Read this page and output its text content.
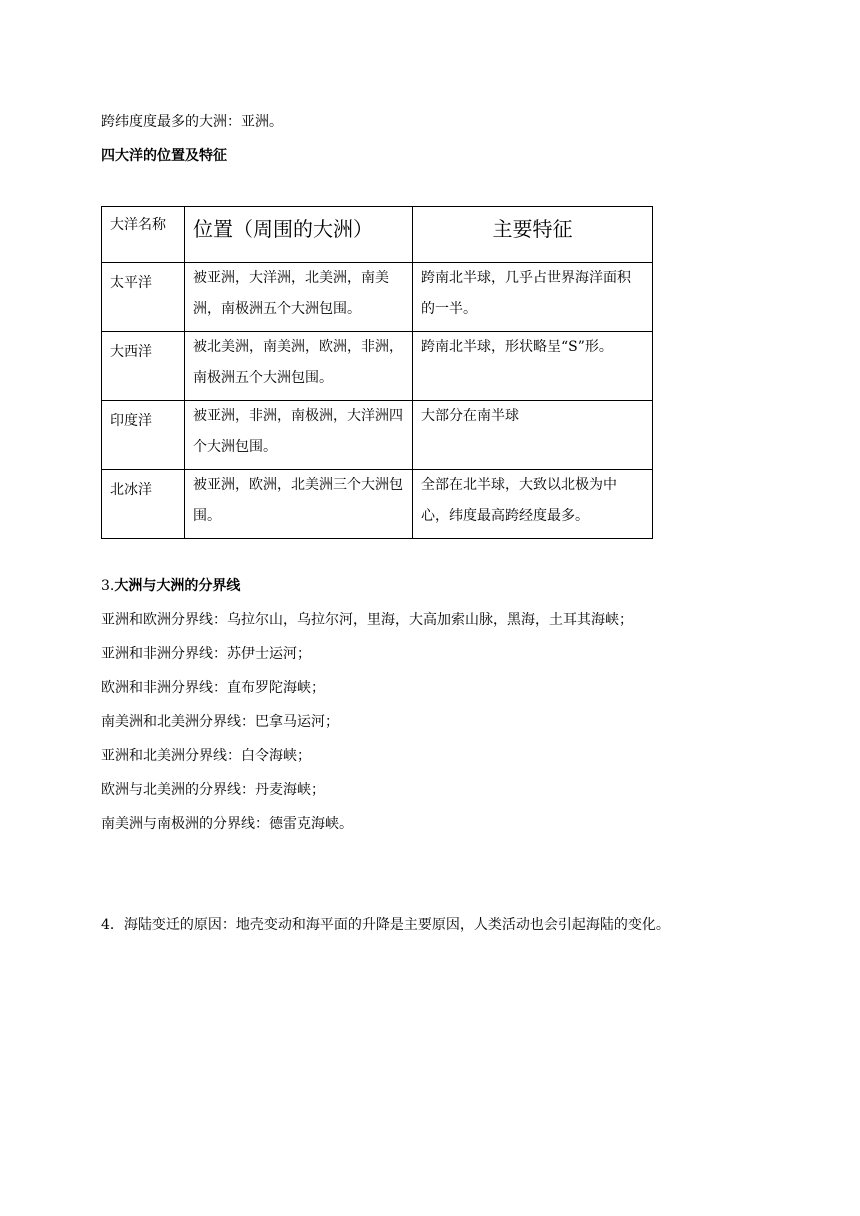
跨纬度度最多的大洲：亚洲。
四大洋的位置及特征
大洋名称	位置（周围的大洲）	主要特征
太平洋	被亚洲，大洋洲，北美洲，南美洲，南极洲五个大洲包围。	跨南北半球，几乎占世界海洋面积的一半。

大西洋	被北美洲，南美洲，欧洲，非洲，南极洲五个大洲包围。	跨南北半球，形状略呈“S”形。

印度洋	被亚洲，非洲，南极洲，大洋洲四个大洲包围。	大部分在南半球

北冰洋	被亚洲，欧洲，北美洲三个大洲包围。	全部在北半球，大致以北极为中心，纬度最高跨经度最多。
3.大洲与大洲的分界线
亚洲和欧洲分界线：乌拉尔山，乌拉尔河，里海，大高加索山脉，黑海，土耳其海峡；
亚洲和非洲分界线：苏伊士运河；
欧洲和非洲分界线：直布罗陀海峡；
南美洲和北美洲分界线：巴拿马运河；
亚洲和北美洲分界线：白令海峡；
欧洲与北美洲的分界线：丹麦海峡；
南美洲与南极洲的分界线：德雷克海峡。
4．海陆变迁的原因：地壳变动和海平面的升降是主要原因，人类活动也会引起海陆的变化。
